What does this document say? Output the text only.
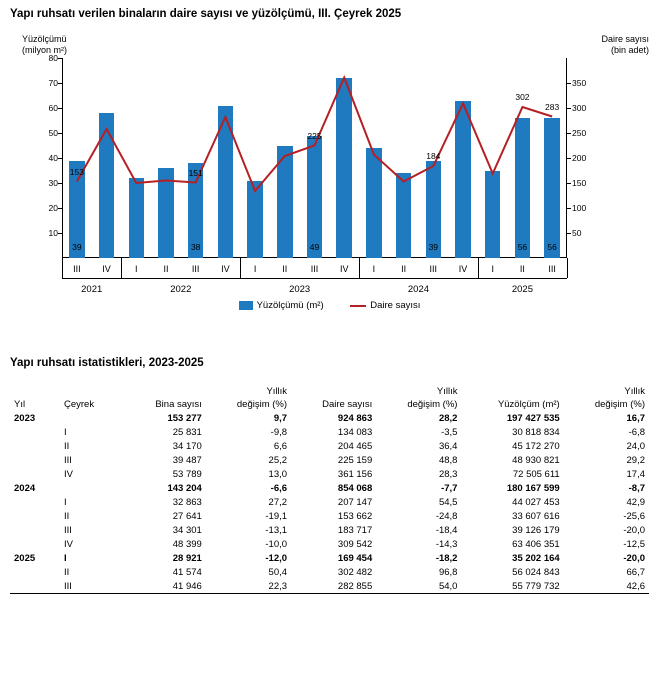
Yapı ruhsatı verilen binaların daire sayısı ve yüzölçümü, III. Çeyrek 2025
Yüzölçümü
(milyon m²)
Daire sayısı
(bin adet)
10
20
30
40
50
60
70
80
50
100
150
200
250
300
350
39	38	49	39	56 56
153	151
225
184
302
283
III IV	I	II	III IV	I	II	III IV	I	II	III IV	I	II	III
2021	2022	2023	2024	2025
Yüzölçümü (m²)	Daire sayısı
Yapı ruhsatı istatistikleri, 2023-2025
			Yıllık		Yıllık		Yıllık
Yıl	Çeyrek	Bina sayısı	değişim (%)	Daire sayısı	değişim (%)	Yüzölçüm (m²)	değişim (%)
2023		153 277	9,7	924 863	28,2	197 427 535	16,7
	I	25 831	-9,8	134 083	-3,5	30 818 834	-6,8
	II	34 170	6,6	204 465	36,4	45 172 270	24,0
	III	39 487	25,2	225 159	48,8	48 930 821	29,2
	IV	53 789	13,0	361 156	28,3	72 505 611	17,4
2024		143 204	-6,6	854 068	-7,7	180 167 599	-8,7
	I	32 863	27,2	207 147	54,5	44 027 453	42,9
	II	27 641	-19,1	153 662	-24,8	33 607 616	-25,6
	III	34 301	-13,1	183 717	-18,4	39 126 179	-20,0
	IV	48 399	-10,0	309 542	-14,3	63 406 351	-12,5
2025	I	28 921	-12,0	169 454	-18,2	35 202 164	-20,0
	II	41 574	50,4	302 482	96,8	56 024 843	66,7
	III	41 946	22,3	282 855	54,0	55 779 732	42,6
